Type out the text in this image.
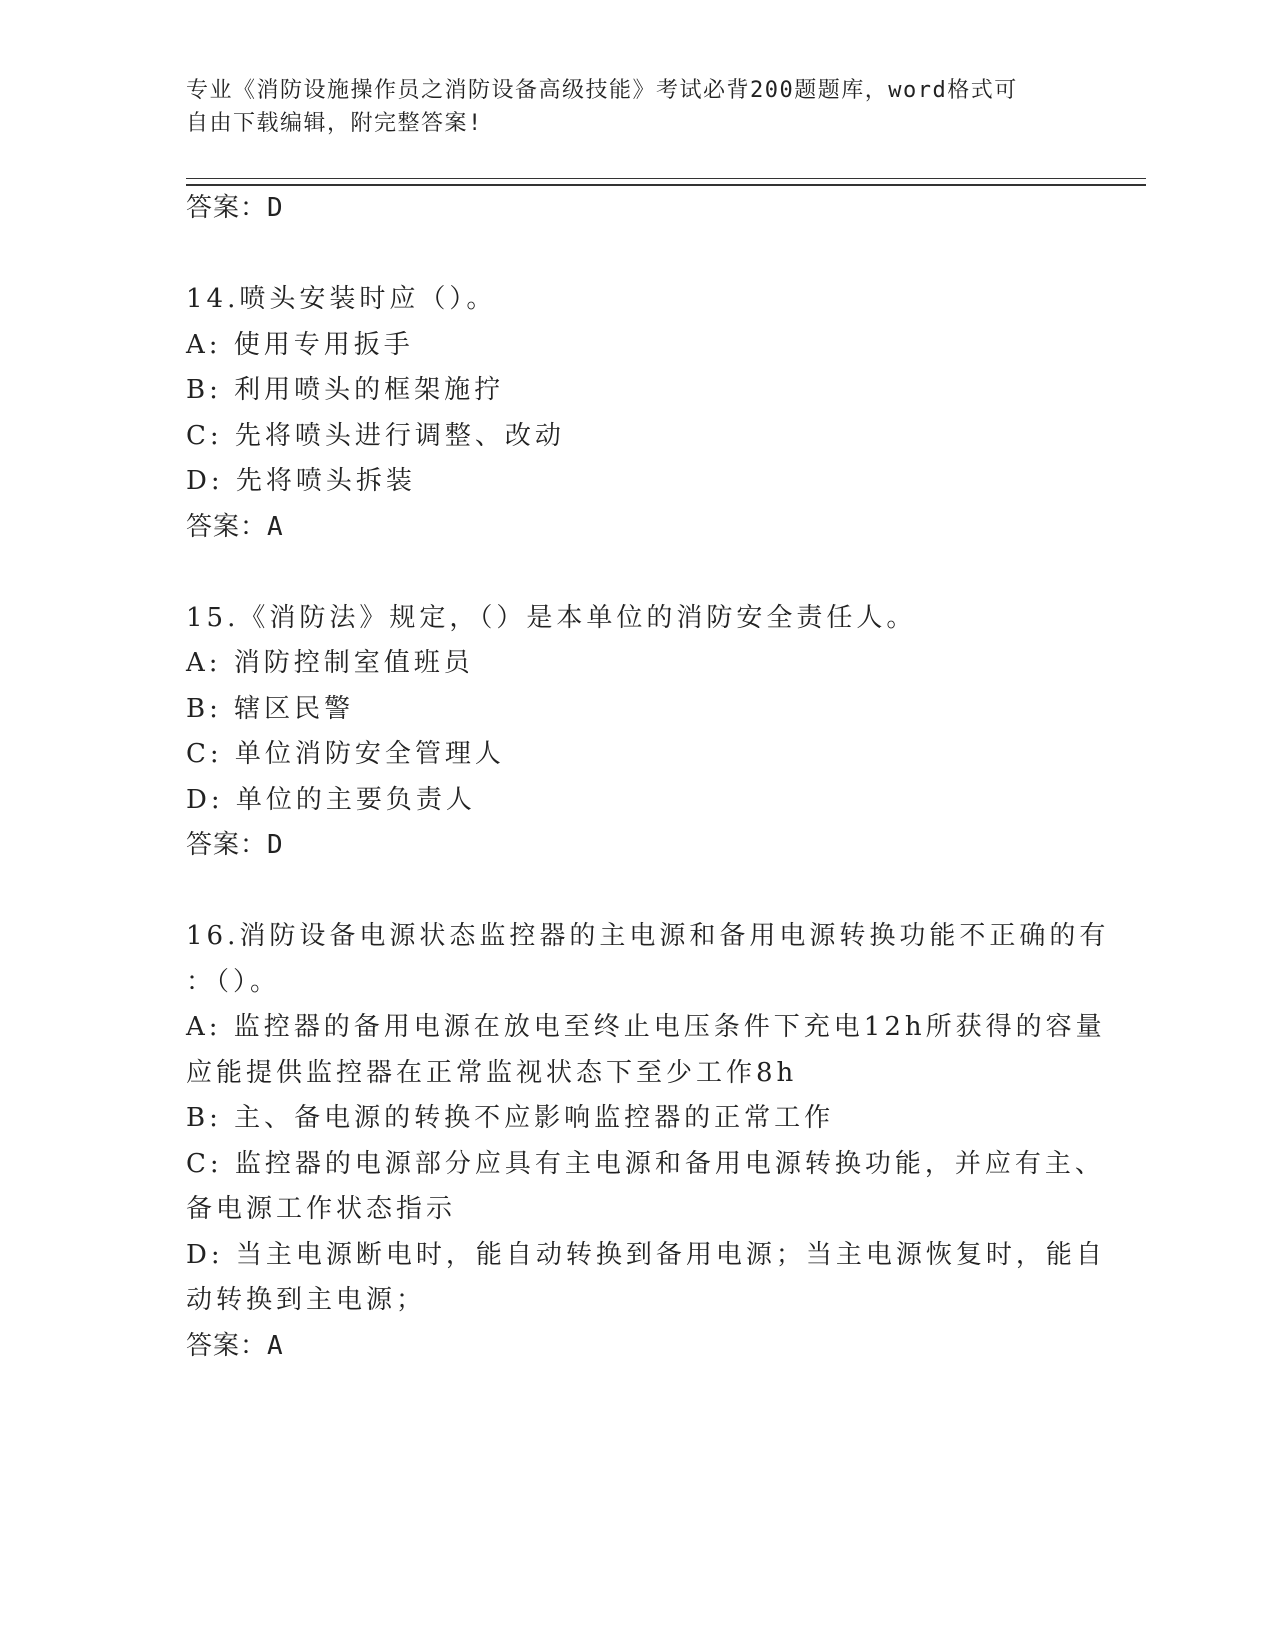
专业《消防设施操作员之消防设备高级技能》考试必背200题题库，word格式可
自由下载编辑，附完整答案!
答案：D
14.喷头安装时应（）。
A: 使用专用扳手
B: 利用喷头的框架施拧
C: 先将喷头进行调整、改动
D: 先将喷头拆装
答案：A
15.《消防法》规定，（）是本单位的消防安全责任人。
A: 消防控制室值班员
B: 辖区民警
C: 单位消防安全管理人
D: 单位的主要负责人
答案：D
16.消防设备电源状态监控器的主电源和备用电源转换功能不正确的有
：（）。
A: 监控器的备用电源在放电至终止电压条件下充电12h所获得的容量
应能提供监控器在正常监视状态下至少工作8h
B: 主、备电源的转换不应影响监控器的正常工作
C: 监控器的电源部分应具有主电源和备用电源转换功能，并应有主、
备电源工作状态指示
D: 当主电源断电时，能自动转换到备用电源；当主电源恢复时，能自
动转换到主电源；
答案：A
